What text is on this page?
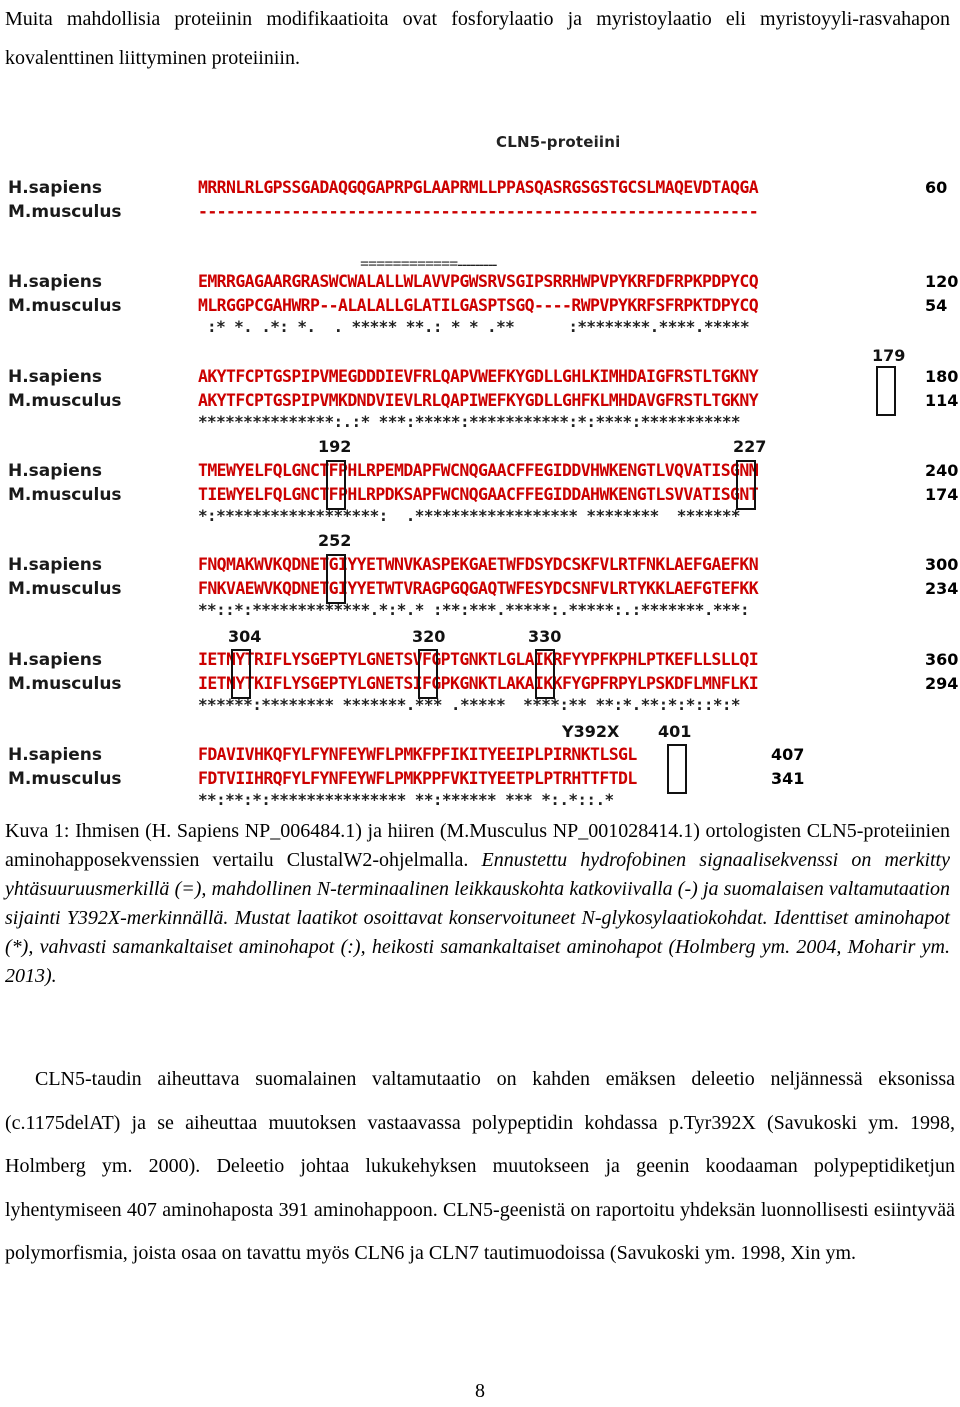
Muita mahdollisia proteiinin modifikaatioita ovat fosforylaatio ja myristoylaatio eli myristoyyli-rasvahapon kovalenttinen liittyminen proteiiniin.
CLN5-proteiini
H.sapiens	MRRNLRLGPSSGADAQGQGAPRPGLAAPRMLLPPASQASRGSGSTGCSLMAQEVDTAQGA	60
M.musculus	------------------------------------------------------------
============---------
H.sapiens	EMRRGAGAARGRASWCWALALLWLAVVPGWSRVSGIPSRRHWPVPYKRFDFRPKPDPYCQ	120
M.musculus	MLRGGPCGAHWRP--ALALALLGLATILGASPTSGQ----RWPVPYKRFSFRPKTDPYCQ	54
:* *. .*: *.  . ***** **.: * * .**      :********.****.*****
H.sapiens	AKYTFCPTGSPIPVMEGDDDIEVFRLQAPVWEFKYGDLLGHLKIMHDAIGFRSTLTGKNY	180
M.musculus	AKYTFCPTGSPIPVMKDNDVIEVLRLQAPIWEFKYGDLLGHFKLMHDAVGFRSTLTGKNY	114
***************:.:* ***:*****:***********:*:****:***********
H.sapiens	TMEWYELFQLGNCTFPHLRPEMDAPFWCNQGAACFFEGIDDVHWKENGTLVQVATISGNM	240
M.musculus	TIEWYELFQLGNCTFPHLRPDKSAPFWCNQGAACFFEGIDDAHWKENGTLSVVATISGNT	174
*:******************:  .****************** ********  *******
H.sapiens	FNQMAKWVKQDNETGIYYETWNVKASPEKGAETWFDSYDCSKFVLRTFNKLAEFGAEFKN	300
M.musculus	FNKVAEWVKQDNETGIYYETWTVRAGPGQGAQTWFESYDCSNFVLRTYKKLAEFGTEFKK	234
**::*:*************.*:*.* :**:***.*****:.*****:.:*******.***:
H.sapiens	IETNYTRIFLYSGEPTYLGNETSVFGPTGNKTLGLAIKRFYYPFKPHLPTKEFLLSLLQI	360
M.musculus	IETNYTKIFLYSGEPTYLGNETSIFGPKGNKTLAKAIKKFYGPFRPYLPSKDFLMNFLKI	294
******:******** *******.*** .*****  ****:** **:*.**:*:*::*:*
H.sapiens	FDAVIVHKQFYLFYNFEYWFLPMKFPFIKITYEEIPLPIRNKTLSGL	407
M.musculus	FDTVIIHRQFYLFYNFEYWFLPMKPPFVKITYEETPLPTRHTTFTDL	341
**:**:*:*************** **:****** *** *:.*::.*
179
192	227
252
304	320	330
Y392X 401
Kuva 1: Ihmisen (H. Sapiens NP_006484.1) ja hiiren (M.Musculus NP_001028414.1) ortologisten CLN5-proteiinien aminohapposekvenssien vertailu ClustalW2-ohjelmalla. Ennustettu hydrofobinen signaalisekvenssi on merkitty yhtäsuuruusmerkillä (=), mahdollinen N-terminaalinen leikkauskohta katkoviivalla (-) ja suomalaisen valtamutaation sijainti Y392X-merkinnällä. Mustat laatikot osoittavat konservoituneet N-glykosylaatiokohdat. Identtiset aminohapot (*), vahvasti samankaltaiset aminohapot (:), heikosti samankaltaiset aminohapot (Holmberg ym. 2004, Moharir ym. 2013).
CLN5-taudin aiheuttava suomalainen valtamutaatio on kahden emäksen deleetio neljännessä eksonissa (c.1175delAT) ja se aiheuttaa muutoksen vastaavassa polypeptidin kohdassa p.Tyr392X (Savukoski ym. 1998, Holmberg ym. 2000). Deleetio johtaa lukukehyksen muutokseen ja geenin koodaaman polypeptidiketjun lyhentymiseen 407 aminohaposta 391 aminohappoon. CLN5-geenistä on raportoitu yhdeksän luonnollisesti esiintyvää polymorfismia, joista osaa on tavattu myös CLN6 ja CLN7 tautimuodoissa (Savukoski ym. 1998, Xin ym.
8
